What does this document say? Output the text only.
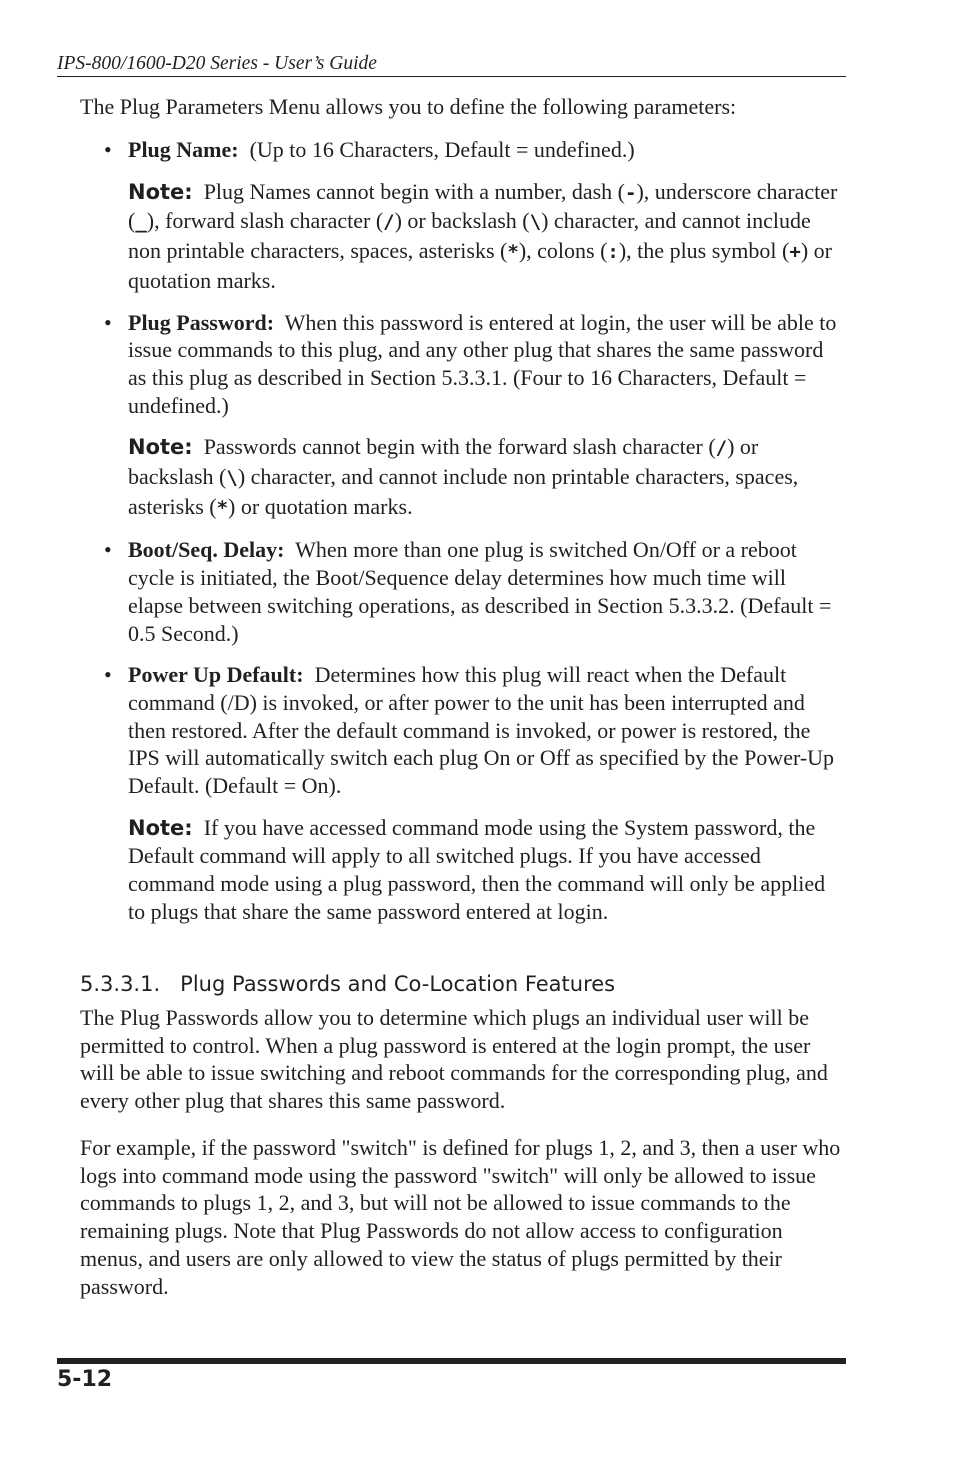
IPS-800/1600-D20 Series - User’s Guide
The Plug Parameters Menu allows you to define the following parameters:
• Plug Name: (Up to 16 Characters, Default = undefined.)
Note: Plug Names cannot begin with a number, dash (-), underscore character (_), forward slash character (/) or backslash (\) character, and cannot include non printable characters, spaces, asterisks (*), colons (:), the plus symbol (+) or quotation marks.
• Plug Password: When this password is entered at login, the user will be able to issue commands to this plug, and any other plug that shares the same password as this plug as described in Section 5.3.3.1. (Four to 16 Characters, Default = undefined.)
Note: Passwords cannot begin with the forward slash character (/) or backslash (\) character, and cannot include non printable characters, spaces, asterisks (*) or quotation marks.
• Boot/Seq. Delay: When more than one plug is switched On/Off or a reboot cycle is initiated, the Boot/Sequence delay determines how much time will elapse between switching operations, as described in Section 5.3.3.2. (Default = 0.5 Second.)
• Power Up Default: Determines how this plug will react when the Default command (/D) is invoked, or after power to the unit has been interrupted and then restored. After the default command is invoked, or power is restored, the IPS will automatically switch each plug On or Off as specified by the Power-Up Default. (Default = On).
Note: If you have accessed command mode using the System password, the Default command will apply to all switched plugs. If you have accessed command mode using a plug password, then the command will only be applied to plugs that share the same password entered at login.
5.3.3.1. Plug Passwords and Co-Location Features
The Plug Passwords allow you to determine which plugs an individual user will be permitted to control. When a plug password is entered at the login prompt, the user will be able to issue switching and reboot commands for the corresponding plug, and every other plug that shares this same password.
For example, if the password "switch" is defined for plugs 1, 2, and 3, then a user who logs into command mode using the password "switch" will only be allowed to issue commands to plugs 1, 2, and 3, but will not be allowed to issue commands to the remaining plugs. Note that Plug Passwords do not allow access to configuration menus, and users are only allowed to view the status of plugs permitted by their password.
5-12
